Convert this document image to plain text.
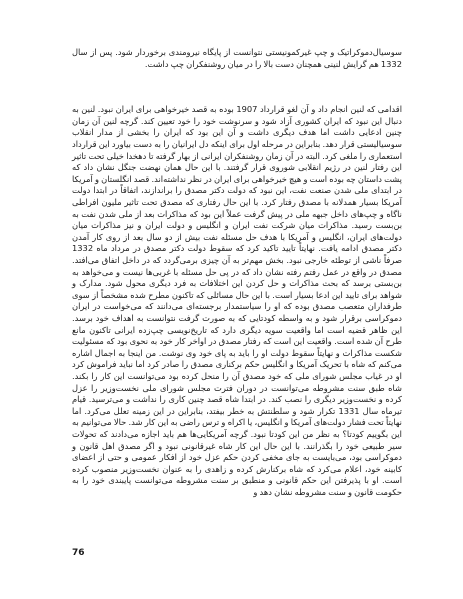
سوسیال‌دموکراتیک و چپ غیرکمونیستی نتوانست از پایگاه نیرومندی برخوردار شود. پس از سال 1332 هم گرایش لنینی همچنان دست بالا را در میان روشنفکران چپ داشت.

اقدامی که لنین انجام داد و آن لغو قرارداد 1907 بوده به قصد خیرخواهی برای ایران نبود. لنین به دنبال این نبود که ایران کشوری آزاد شود و سرنوشت خود را خود تعیین کند. گرچه لنین آن زمان چنین ادعایی داشت اما هدف دیگری داشت و آن این بود که ایران را بخشی از مدار انقلاب سوسیالیستی قرار دهد. بنابراین در مرحله اول برای اینکه دل ایرانیان را به دست بیاورد این قرارداد استعماری را ملغی کرد. البته در آن زمان روشنفکران ایرانی از بهار گرفته تا دهخدا خیلی تحت تاثیر این رفتار لنین در رژیم انقلابی شوروی قرار گرفتند. با این حال همان نهضت جنگل نشان داد که پشت داستان چه بوده است و هیچ خیرخواهی برای ایران در نظر نداشته‌اند. قصد انگلستان و آمریکا در ابتدای ملی شدن صنعت نفت، این نبود که دولت دکتر مصدق را براندازند، اتفاقاً در ابتدا دولت آمریکا بسیار همدلانه با مصدق رفتار کرد. با این حال رفتاری که مصدق تحت تاثیر ملیون افراطی ناگاه و چپ‌های داخل جبهه ملی در پیش گرفت عملاً این بود که مذاکرات بعد از ملی شدن نفت به بن‌بست رسید. مذاکرات میان شرکت نفت ایران و انگلیس و دولت ایران و نیز مذاکرات میان دولت‌های ایران، انگلیس و آمریکا با هدف حل مسئله نفت بیش از دو سال بعد از روی کار آمدن دکتر مصدق ادامه یافت. نهایتاً تایید تاکید کرد که سقوط دولت دکتر مصدق در مرداد ماه 1332 صرفاً ناشی از توطئه خارجی نبود. بخش مهم‌تر به آن چیزی برمی‌گردد که در داخل اتفاق می‌افتد. مصدق در واقع در عمل رفتم رفته نشان داد که در پی حل مسئله با غربی‌ها نیست و می‌خواهد به بن‌بستی برسد که بحث مذاکرات و حل کردن این اختلافات به فرد دیگری محول شود. مدارک و شواهد برای تایید این ادعا بسیار است. با این حال مسائلی که تاکنون مطرح شده مشخصاً از سوی طرفداران متعصب مصدق بوده که او را سیاستمدار برجسته‌ای می‌دانند که می‌خواست در ایران دموکراسی برقرار شود و به واسطه کودتایی که به صورت گرفت نتوانست به اهداف خود برسد. این ظاهر قضیه است اما واقعیت سویه دیگری دارد که تاریخ‌نویسی چپ‌زده ایرانی تاکنون مانع طرح آن شده است. واقعیت این است که رفتار مصدق در اواخر کار خود به نحوی بود که مسئولیت شکست مذاکرات و نهایتاً سقوط دولت او را باید به پای خود وی نوشت. من اینجا به اجمال اشاره می‌کنم که شاه با تحریک آمریکا و انگلیس حکم برکناری مصدق را صادر کرد اما نباید فراموش کرد او در غیاب مجلس شورای ملی که خود مصدق آن را منحل کرده بود می‌توانست این کار را بکند. شاه طبق سنت مشروطه می‌توانست در دوران فترت مجلس شورای ملی نخست‌وزیر را عزل کرده و نخست‌وزیر دیگری را نصب کند. در ابتدا شاه قصد چنین کاری را نداشت و می‌ترسید. قیام تیرماه سال 1331 تکرار شود و سلطنتش به خطر بیفتد، بنابراین در این زمینه تعلل می‌کرد. اما نهایتاً تحت فشار دولت‌های آمریکا و انگلیس، یا اکراه و ترس راضی به این کار شد. حالا می‌توانیم به این بگوییم کودتا؟ به نظر من این کودتا نبود. گرچه آمریکایی‌ها هم باید اجازه می‌دادند که تحولات سیر طبیعی خود را بگذرانند. با این حال این کار شاه غیرقانونی نبود و اگر مصدق اهل قانون و دموکراسی بود، می‌بایست به جای مخفی کردن حکم عزل خود از افکار عمومی و حتی از اعضای کابینه خود، اعلام می‌کرد که شاه برکنارش کرده و زاهدی را به عنوان نخست‌وزیر منصوب کرده است. او با پذیرفتن این حکم قانونی و منطبق بر سنت مشروطه می‌توانست پایبندی خود را به حکومت قانون و سنت مشروطه نشان دهد و

76
